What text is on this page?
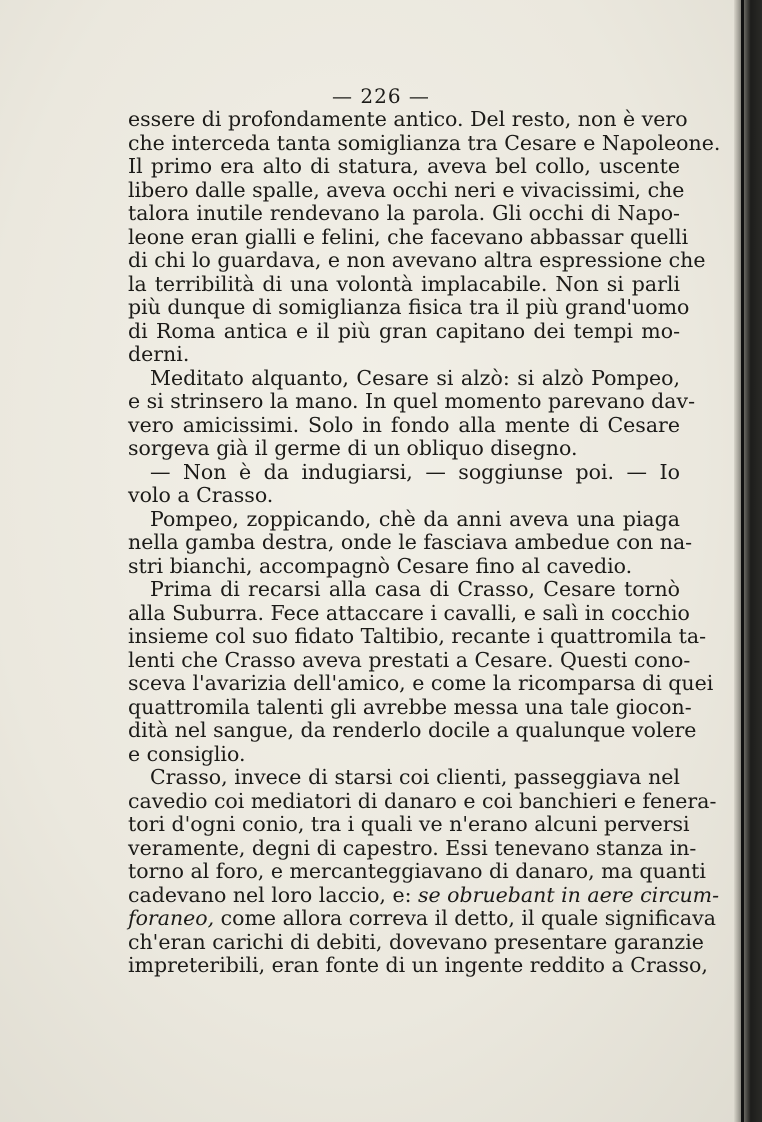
— 226 —
essere di profondamente antico. Del resto, non è vero
che interceda tanta somiglianza tra Cesare e Napoleone.
Il primo era alto di statura, aveva bel collo, uscente
libero dalle spalle, aveva occhi neri e vivacissimi, che
talora inutile rendevano la parola. Gli occhi di Napo-
leone eran gialli e felini, che facevano abbassar quelli
di chi lo guardava, e non avevano altra espressione che
la terribilità di una volontà implacabile. Non si parli
più dunque di somiglianza fisica tra il più grand'uomo
di Roma antica e il più gran capitano dei tempi mo-
derni.
Meditato alquanto, Cesare si alzò: si alzò Pompeo,
e si strinsero la mano. In quel momento parevano dav-
vero amicissimi. Solo in fondo alla mente di Cesare
sorgeva già il germe di un obliquo disegno.
— Non è da indugiarsi, — soggiunse poi. — Io
volo a Crasso.
Pompeo, zoppicando, chè da anni aveva una piaga
nella gamba destra, onde le fasciava ambedue con na-
stri bianchi, accompagnò Cesare fino al cavedio.
Prima di recarsi alla casa di Crasso, Cesare tornò
alla Suburra. Fece attaccare i cavalli, e salì in cocchio
insieme col suo fidato Taltibio, recante i quattromila ta-
lenti che Crasso aveva prestati a Cesare. Questi cono-
sceva l'avarizia dell'amico, e come la ricomparsa di quei
quattromila talenti gli avrebbe messa una tale giocon-
dità nel sangue, da renderlo docile a qualunque volere
e consiglio.
Crasso, invece di starsi coi clienti, passeggiava nel
cavedio coi mediatori di danaro e coi banchieri e fenera-
tori d'ogni conio, tra i quali ve n'erano alcuni perversi
veramente, degni di capestro. Essi tenevano stanza in-
torno al foro, e mercanteggiavano di danaro, ma quanti
cadevano nel loro laccio, e: se obruebant in aere circum-
foraneo, come allora correva il detto, il quale significava
ch'eran carichi di debiti, dovevano presentare garanzie
impreteribili, eran fonte di un ingente reddito a Crasso,
